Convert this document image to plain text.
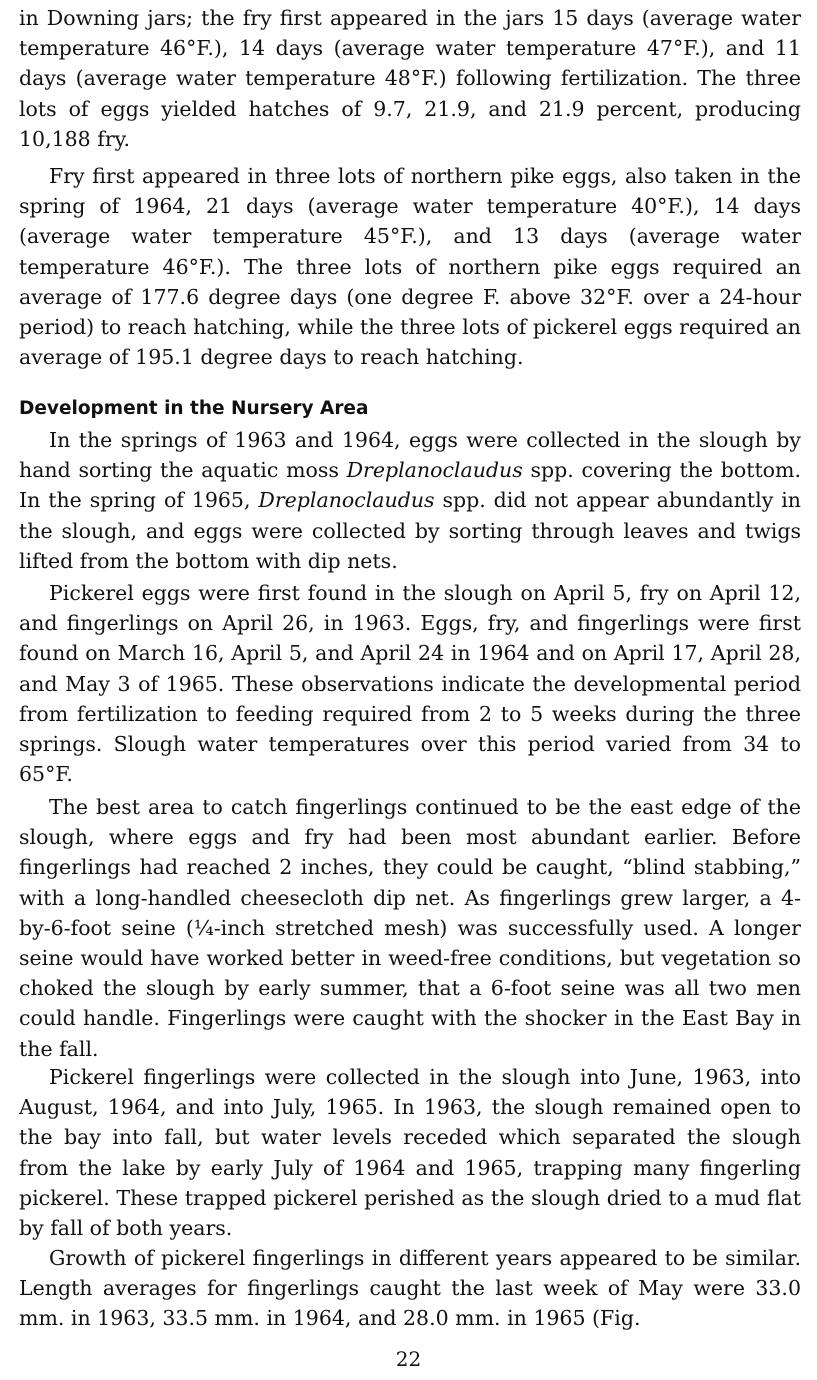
in Downing jars; the fry first appeared in the jars 15 days (average water temperature 46°F.), 14 days (average water temperature 47°F.), and 11 days (average water temperature 48°F.) following fertilization. The three lots of eggs yielded hatches of 9.7, 21.9, and 21.9 percent, producing 10,188 fry.

Fry first appeared in three lots of northern pike eggs, also taken in the spring of 1964, 21 days (average water temperature 40°F.), 14 days (average water temperature 45°F.), and 13 days (average water temperature 46°F.). The three lots of northern pike eggs required an average of 177.6 degree days (one degree F. above 32°F. over a 24-hour period) to reach hatching, while the three lots of pickerel eggs required an average of 195.1 degree days to reach hatching.

Development in the Nursery Area

In the springs of 1963 and 1964, eggs were collected in the slough by hand sorting the aquatic moss Dreplanoclaudus spp. covering the bottom. In the spring of 1965, Dreplanoclaudus spp. did not appear abundantly in the slough, and eggs were collected by sorting through leaves and twigs lifted from the bottom with dip nets.

Pickerel eggs were first found in the slough on April 5, fry on April 12, and fingerlings on April 26, in 1963. Eggs, fry, and fingerlings were first found on March 16, April 5, and April 24 in 1964 and on April 17, April 28, and May 3 of 1965. These observations indicate the developmental period from fertilization to feeding required from 2 to 5 weeks during the three springs. Slough water temperatures over this period varied from 34 to 65°F.

The best area to catch fingerlings continued to be the east edge of the slough, where eggs and fry had been most abundant earlier. Before fingerlings had reached 2 inches, they could be caught, “blind stabbing,” with a long-handled cheesecloth dip net. As fingerlings grew larger, a 4-by-6-foot seine (¼-inch stretched mesh) was successfully used. A longer seine would have worked better in weed-free conditions, but vegetation so choked the slough by early summer, that a 6-foot seine was all two men could handle. Fingerlings were caught with the shocker in the East Bay in the fall.

Pickerel fingerlings were collected in the slough into June, 1963, into August, 1964, and into July, 1965. In 1963, the slough remained open to the bay into fall, but water levels receded which separated the slough from the lake by early July of 1964 and 1965, trapping many fingerling pickerel. These trapped pickerel perished as the slough dried to a mud flat by fall of both years.

Growth of pickerel fingerlings in different years appeared to be similar. Length averages for fingerlings caught the last week of May were 33.0 mm. in 1963, 33.5 mm. in 1964, and 28.0 mm. in 1965 (Fig.

22
